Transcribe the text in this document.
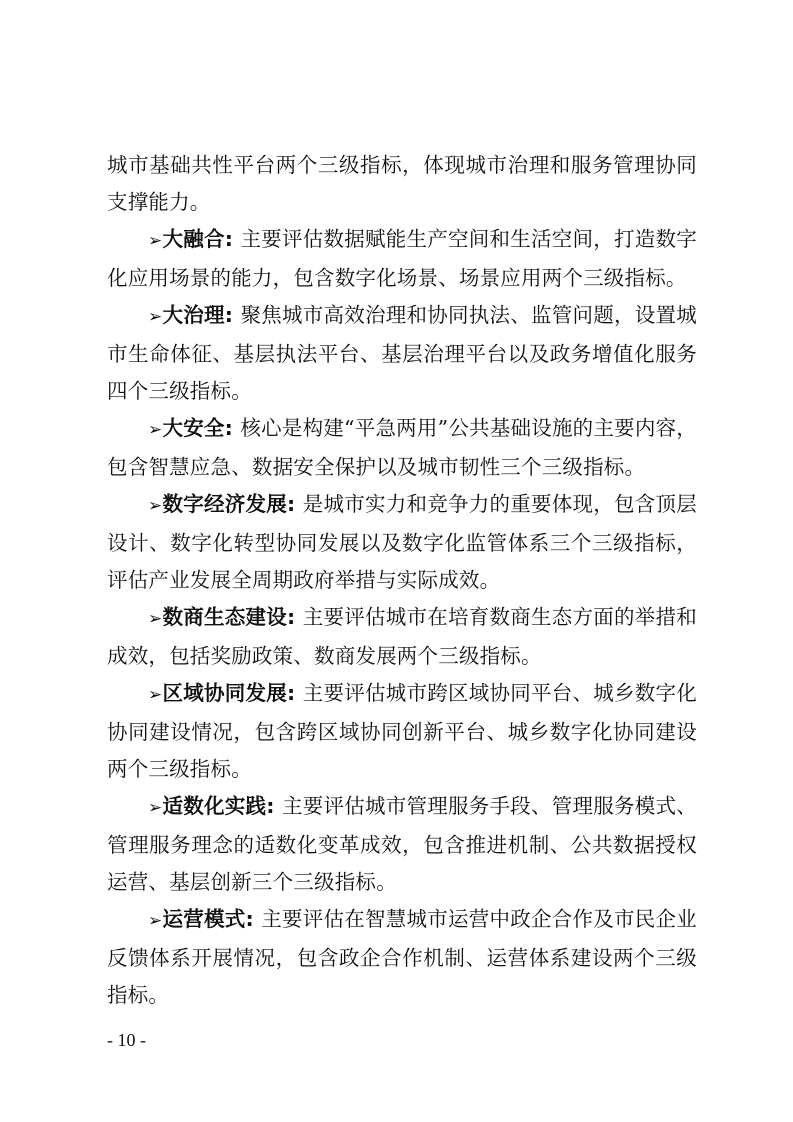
城市基础共性平台两个三级指标，体现城市治理和服务管理协同支撑能力。

➢大融合: 主要评估数据赋能生产空间和生活空间，打造数字化应用场景的能力，包含数字化场景、场景应用两个三级指标。

➢大治理: 聚焦城市高效治理和协同执法、监管问题，设置城市生命体征、基层执法平台、基层治理平台以及政务增值化服务四个三级指标。

➢大安全: 核心是构建“平急两用”公共基础设施的主要内容，包含智慧应急、数据安全保护以及城市韧性三个三级指标。

➢数字经济发展: 是城市实力和竞争力的重要体现，包含顶层设计、数字化转型协同发展以及数字化监管体系三个三级指标，评估产业发展全周期政府举措与实际成效。

➢数商生态建设: 主要评估城市在培育数商生态方面的举措和成效，包括奖励政策、数商发展两个三级指标。

➢区域协同发展: 主要评估城市跨区域协同平台、城乡数字化协同建设情况，包含跨区域协同创新平台、城乡数字化协同建设两个三级指标。

➢适数化实践: 主要评估城市管理服务手段、管理服务模式、管理服务理念的适数化变革成效，包含推进机制、公共数据授权运营、基层创新三个三级指标。

➢运营模式: 主要评估在智慧城市运营中政企合作及市民企业反馈体系开展情况，包含政企合作机制、运营体系建设两个三级指标。

- 10 -
